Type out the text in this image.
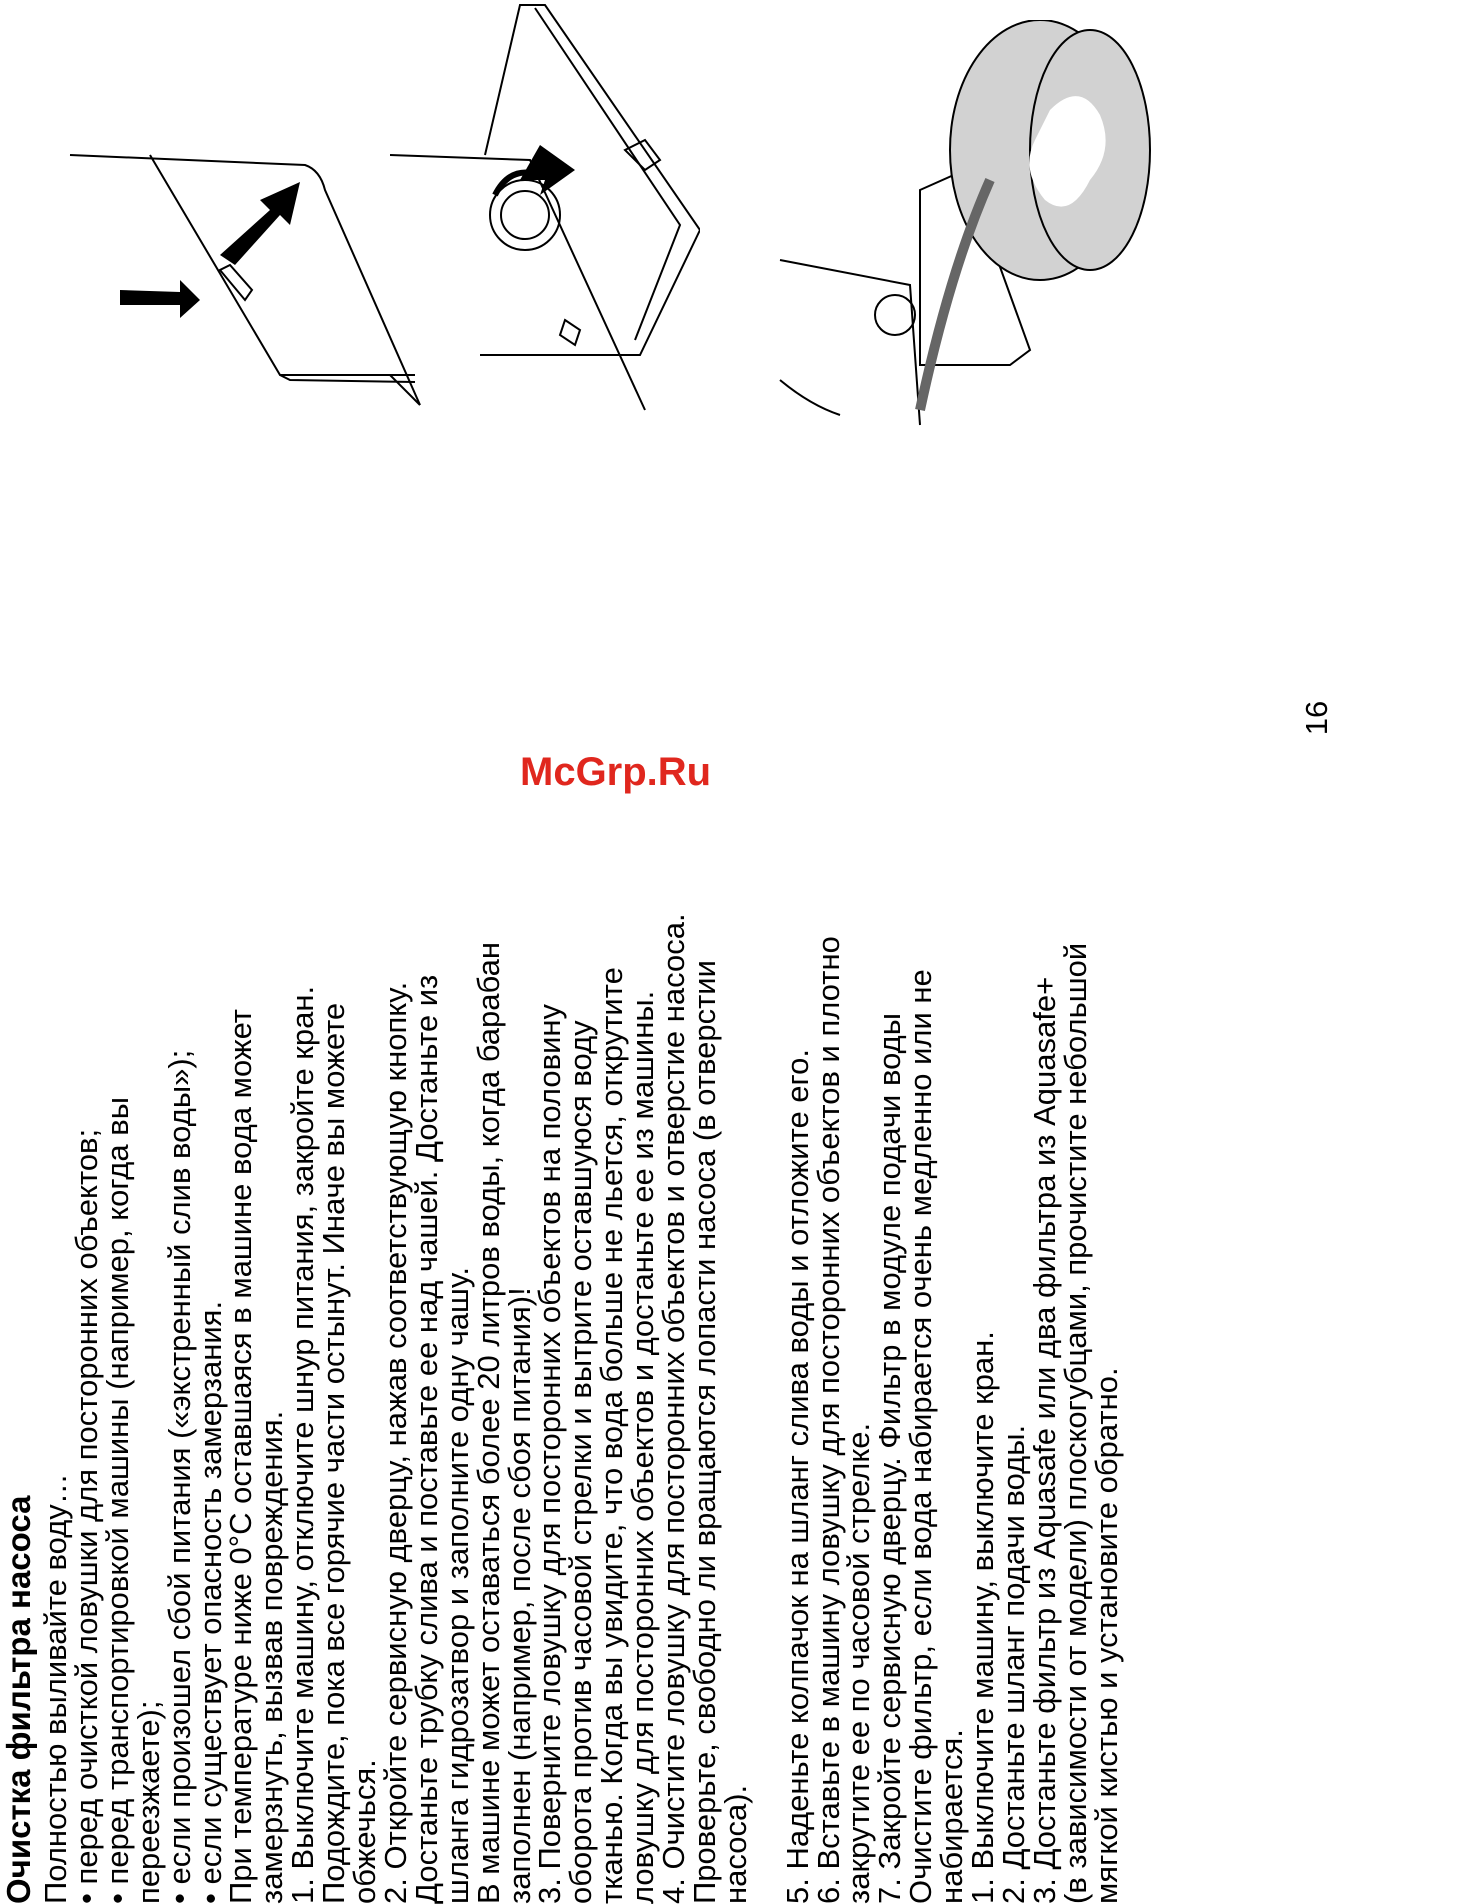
McGrp.Ru
16
Очистка фильтра насоса Полностью выливайте воду…
• перед очисткой ловушки для посторонних объектов;
• перед транспортировкой машины (например, когда вы
переезжаете);
• если произошел сбой питания («экстренный слив воды»);
• если существует опасность замерзания.
При температуре ниже 0°C оставшаяся в машине вода может
замерзнуть, вызвав повреждения.
1. Выключите машину, отключите шнур питания, закройте кран.
Подождите, пока все горячие части остынут. Иначе вы можете
обжечься.
2. Откройте сервисную дверцу, нажав соответствующую кнопку.
Достаньте трубку слива и поставьте ее над чашей. Достаньте из
шланга гидрозатвор и заполните одну чашу.
В машине может оставаться более 20 литров воды, когда барабан
заполнен (например, после сбоя питания)!
3. Поверните ловушку для посторонних объектов на половину
оборота против часовой стрелки и вытрите оставшуюся воду
тканью. Когда вы увидите, что вода больше не льется, открутите
ловушку для посторонних объектов и достаньте ее из машины.
4. Очистите ловушку для посторонних объектов и отверстие насоса.
Проверьте, свободно ли вращаются лопасти насоса (в отверстии
насоса). 5. Наденьте колпачок на шланг слива воды и отложите его.
6. Вставьте в машину ловушку для посторонних объектов и плотно
закрутите ее по часовой стрелке.
7. Закройте сервисную дверцу. Фильтр в модуле подачи воды
Очистите фильтр, если вода набирается очень медленно или не
набирается.
1. Выключите машину, выключите кран.
2. Достаньте шланг подачи воды.
3. Достаньте фильтр из Aquasafe или два фильтра из Aquasafe+
(в зависимости от модели) плоскогубцами, прочистите небольшой
мягкой кистью и установите обратно.
